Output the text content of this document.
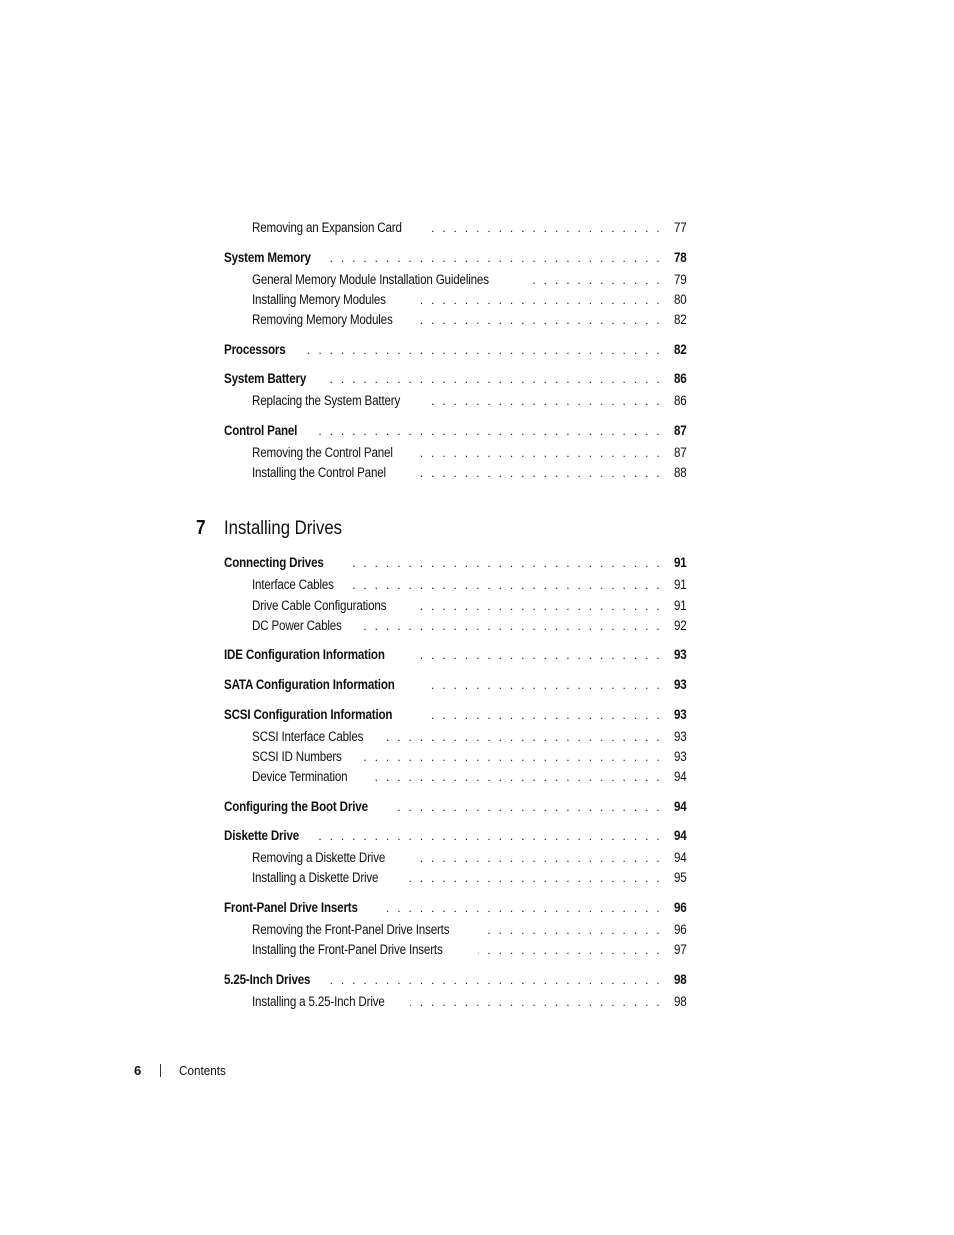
Removing an Expansion Card . . .	77
System Memory . . .	78
General Memory Module Installation Guidelines . . .	79
Installing Memory Modules . . .	80
Removing Memory Modules . . .	82
Processors . . .	82
System Battery . . .	86
Replacing the System Battery . . .	86
Control Panel . . .	87
Removing the Control Panel . . .	87
Installing the Control Panel . . .	88
7 Installing Drives
Connecting Drives . . .	91
Interface Cables . . .	91
Drive Cable Configurations . . .	91
DC Power Cables . . .	92
IDE Configuration Information . . .	93
SATA Configuration Information . . .	93
SCSI Configuration Information . . .	93
SCSI Interface Cables . . .	93
SCSI ID Numbers . . .	93
Device Termination . . .	94
Configuring the Boot Drive . . .	94
Diskette Drive . . .	94
Removing a Diskette Drive . . .	94
Installing a Diskette Drive . . .	95
Front-Panel Drive Inserts . . .	96
Removing the Front-Panel Drive Inserts . . .	96
Installing the Front-Panel Drive Inserts . . .	97
5.25-Inch Drives . . .	98
Installing a 5.25-Inch Drive . . .	98
6	Contents
